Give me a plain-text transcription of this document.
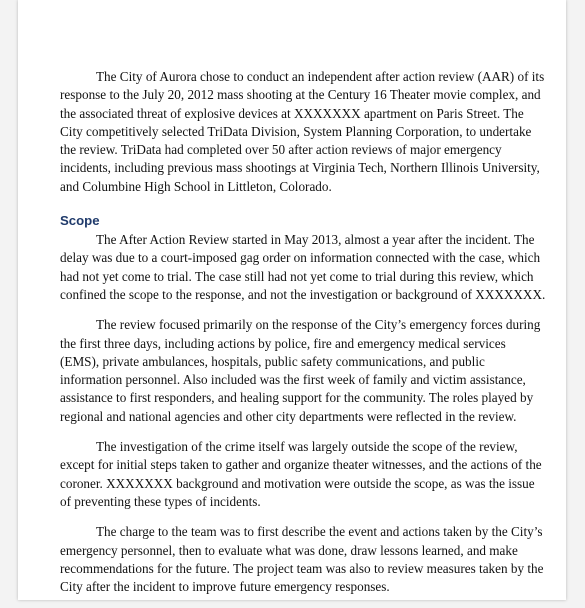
The City of Aurora chose to conduct an independent after action review (AAR) of its response to the July 20, 2012 mass shooting at the Century 16 Theater movie complex, and the associated threat of explosive devices at XXXXXXX apartment on Paris Street. The City competitively selected TriData Division, System Planning Corporation, to undertake the review. TriData had completed over 50 after action reviews of major emergency incidents, including previous mass shootings at Virginia Tech, Northern Illinois University, and Columbine High School in Littleton, Colorado.

Scope

The After Action Review started in May 2013, almost a year after the incident. The delay was due to a court-imposed gag order on information connected with the case, which had not yet come to trial. The case still had not yet come to trial during this review, which confined the scope to the response, and not the investigation or background of XXXXXXX.

The review focused primarily on the response of the City’s emergency forces during the first three days, including actions by police, fire and emergency medical services (EMS), private ambulances, hospitals, public safety communications, and public information personnel. Also included was the first week of family and victim assistance, assistance to first responders, and healing support for the community. The roles played by regional and national agencies and other city departments were reflected in the review.

The investigation of the crime itself was largely outside the scope of the review, except for initial steps taken to gather and organize theater witnesses, and the actions of the coroner. XXXXXXX background and motivation were outside the scope, as was the issue of preventing these types of incidents.

The charge to the team was to first describe the event and actions taken by the City’s emergency personnel, then to evaluate what was done, draw lessons learned, and make recommendations for the future. The project team was also to review measures taken by the City after the incident to improve future emergency responses.
